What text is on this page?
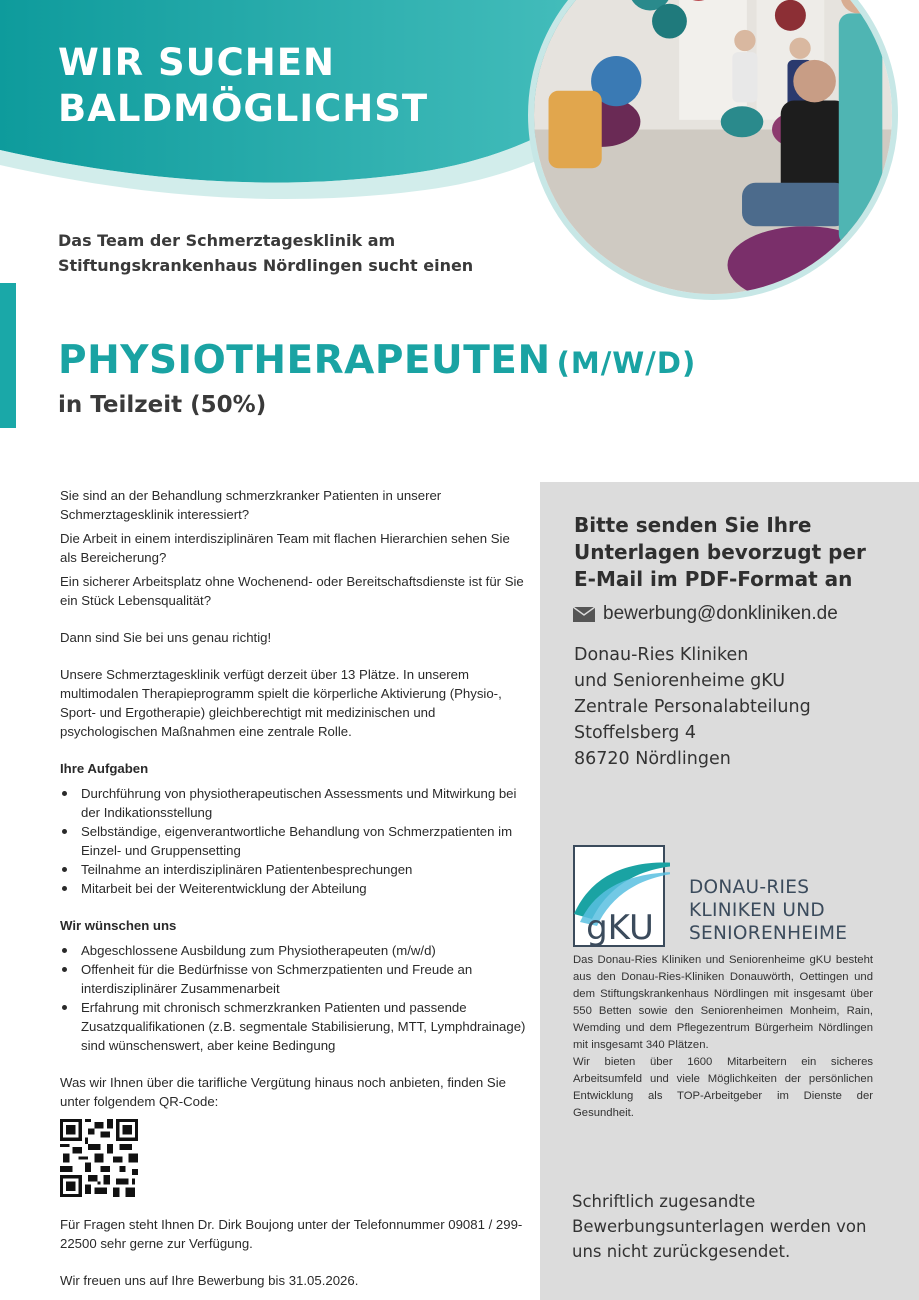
WIR SUCHEN
BALDMÖGLICHST
Das Team der Schmerztagesklinik am
Stiftungskrankenhaus Nördlingen sucht einen
PHYSIOTHERAPEUTEN (M/W/D)
in Teilzeit (50%)

Sie sind an der Behandlung schmerzkranker Patienten in unserer Schmerztagesklinik interessiert?

Die Arbeit in einem interdisziplinären Team mit flachen Hierarchien sehen Sie als Bereicherung?

Ein sicherer Arbeitsplatz ohne Wochenend- oder Bereitschaftsdienste ist für Sie ein Stück Lebensqualität?

Dann sind Sie bei uns genau richtig!

Unsere Schmerztagesklinik verfügt derzeit über 13 Plätze. In unserem multimodalen Therapieprogramm spielt die körperliche Aktivierung (Physio-, Sport- und Ergotherapie) gleichberechtigt mit medizinischen und psychologischen Maßnahmen eine zentrale Rolle.

Ihre Aufgaben
Durchführung von physiotherapeutischen Assessments und Mitwirkung bei der Indikationsstellung
Selbständige, eigenverantwortliche Behandlung von Schmerzpatienten im Einzel- und Gruppensetting
Teilnahme an interdisziplinären Patientenbesprechungen
Mitarbeit bei der Weiterentwicklung der Abteilung
Wir wünschen uns
Abgeschlossene Ausbildung zum Physiotherapeuten (m/w/d)
Offenheit für die Bedürfnisse von Schmerzpatienten und Freude an interdisziplinärer Zusammenarbeit
Erfahrung mit chronisch schmerzkranken Patienten und passende Zusatzqualifikationen (z.B. segmentale Stabilisierung, MTT, Lymphdrainage) sind wünschenswert, aber keine Bedingung

Was wir Ihnen über die tarifliche Vergütung hinaus noch anbieten, finden Sie unter folgendem QR-Code:

Für Fragen steht Ihnen Dr. Dirk Boujong unter der Telefonnummer 09081 / 299-22500 sehr gerne zur Verfügung.

Wir freuen uns auf Ihre Bewerbung bis 31.05.2026.

Bitte senden Sie Ihre
Unterlagen bevorzugt per
E-Mail im PDF-Format an
bewerbung@donkliniken.de
Donau-Ries Kliniken
und Seniorenheime gKU
Zentrale Personalabteilung
Stoffelsberg 4
86720 Nördlingen
gKU
DONAU-RIES
KLINIKEN UND
SENIORENHEIME

Das Donau-Ries Kliniken und Seniorenheime gKU besteht aus den Donau-Ries-Kliniken Donauwörth, Oettingen und dem Stiftungskrankenhaus Nördlingen mit insgesamt über 550 Betten sowie den Seniorenheimen Monheim, Rain, Wemding und dem Pflegezentrum Bürgerheim Nördlingen mit insgesamt 340 Plätzen.

Wir bieten über 1600 Mitarbeitern ein sicheres Arbeitsumfeld und viele Möglichkeiten der persönlichen Entwicklung als TOP-Arbeitgeber im Dienste der Gesundheit.

Schriftlich zugesandte
Bewerbungsunterlagen werden von
uns nicht zurückgesendet.
